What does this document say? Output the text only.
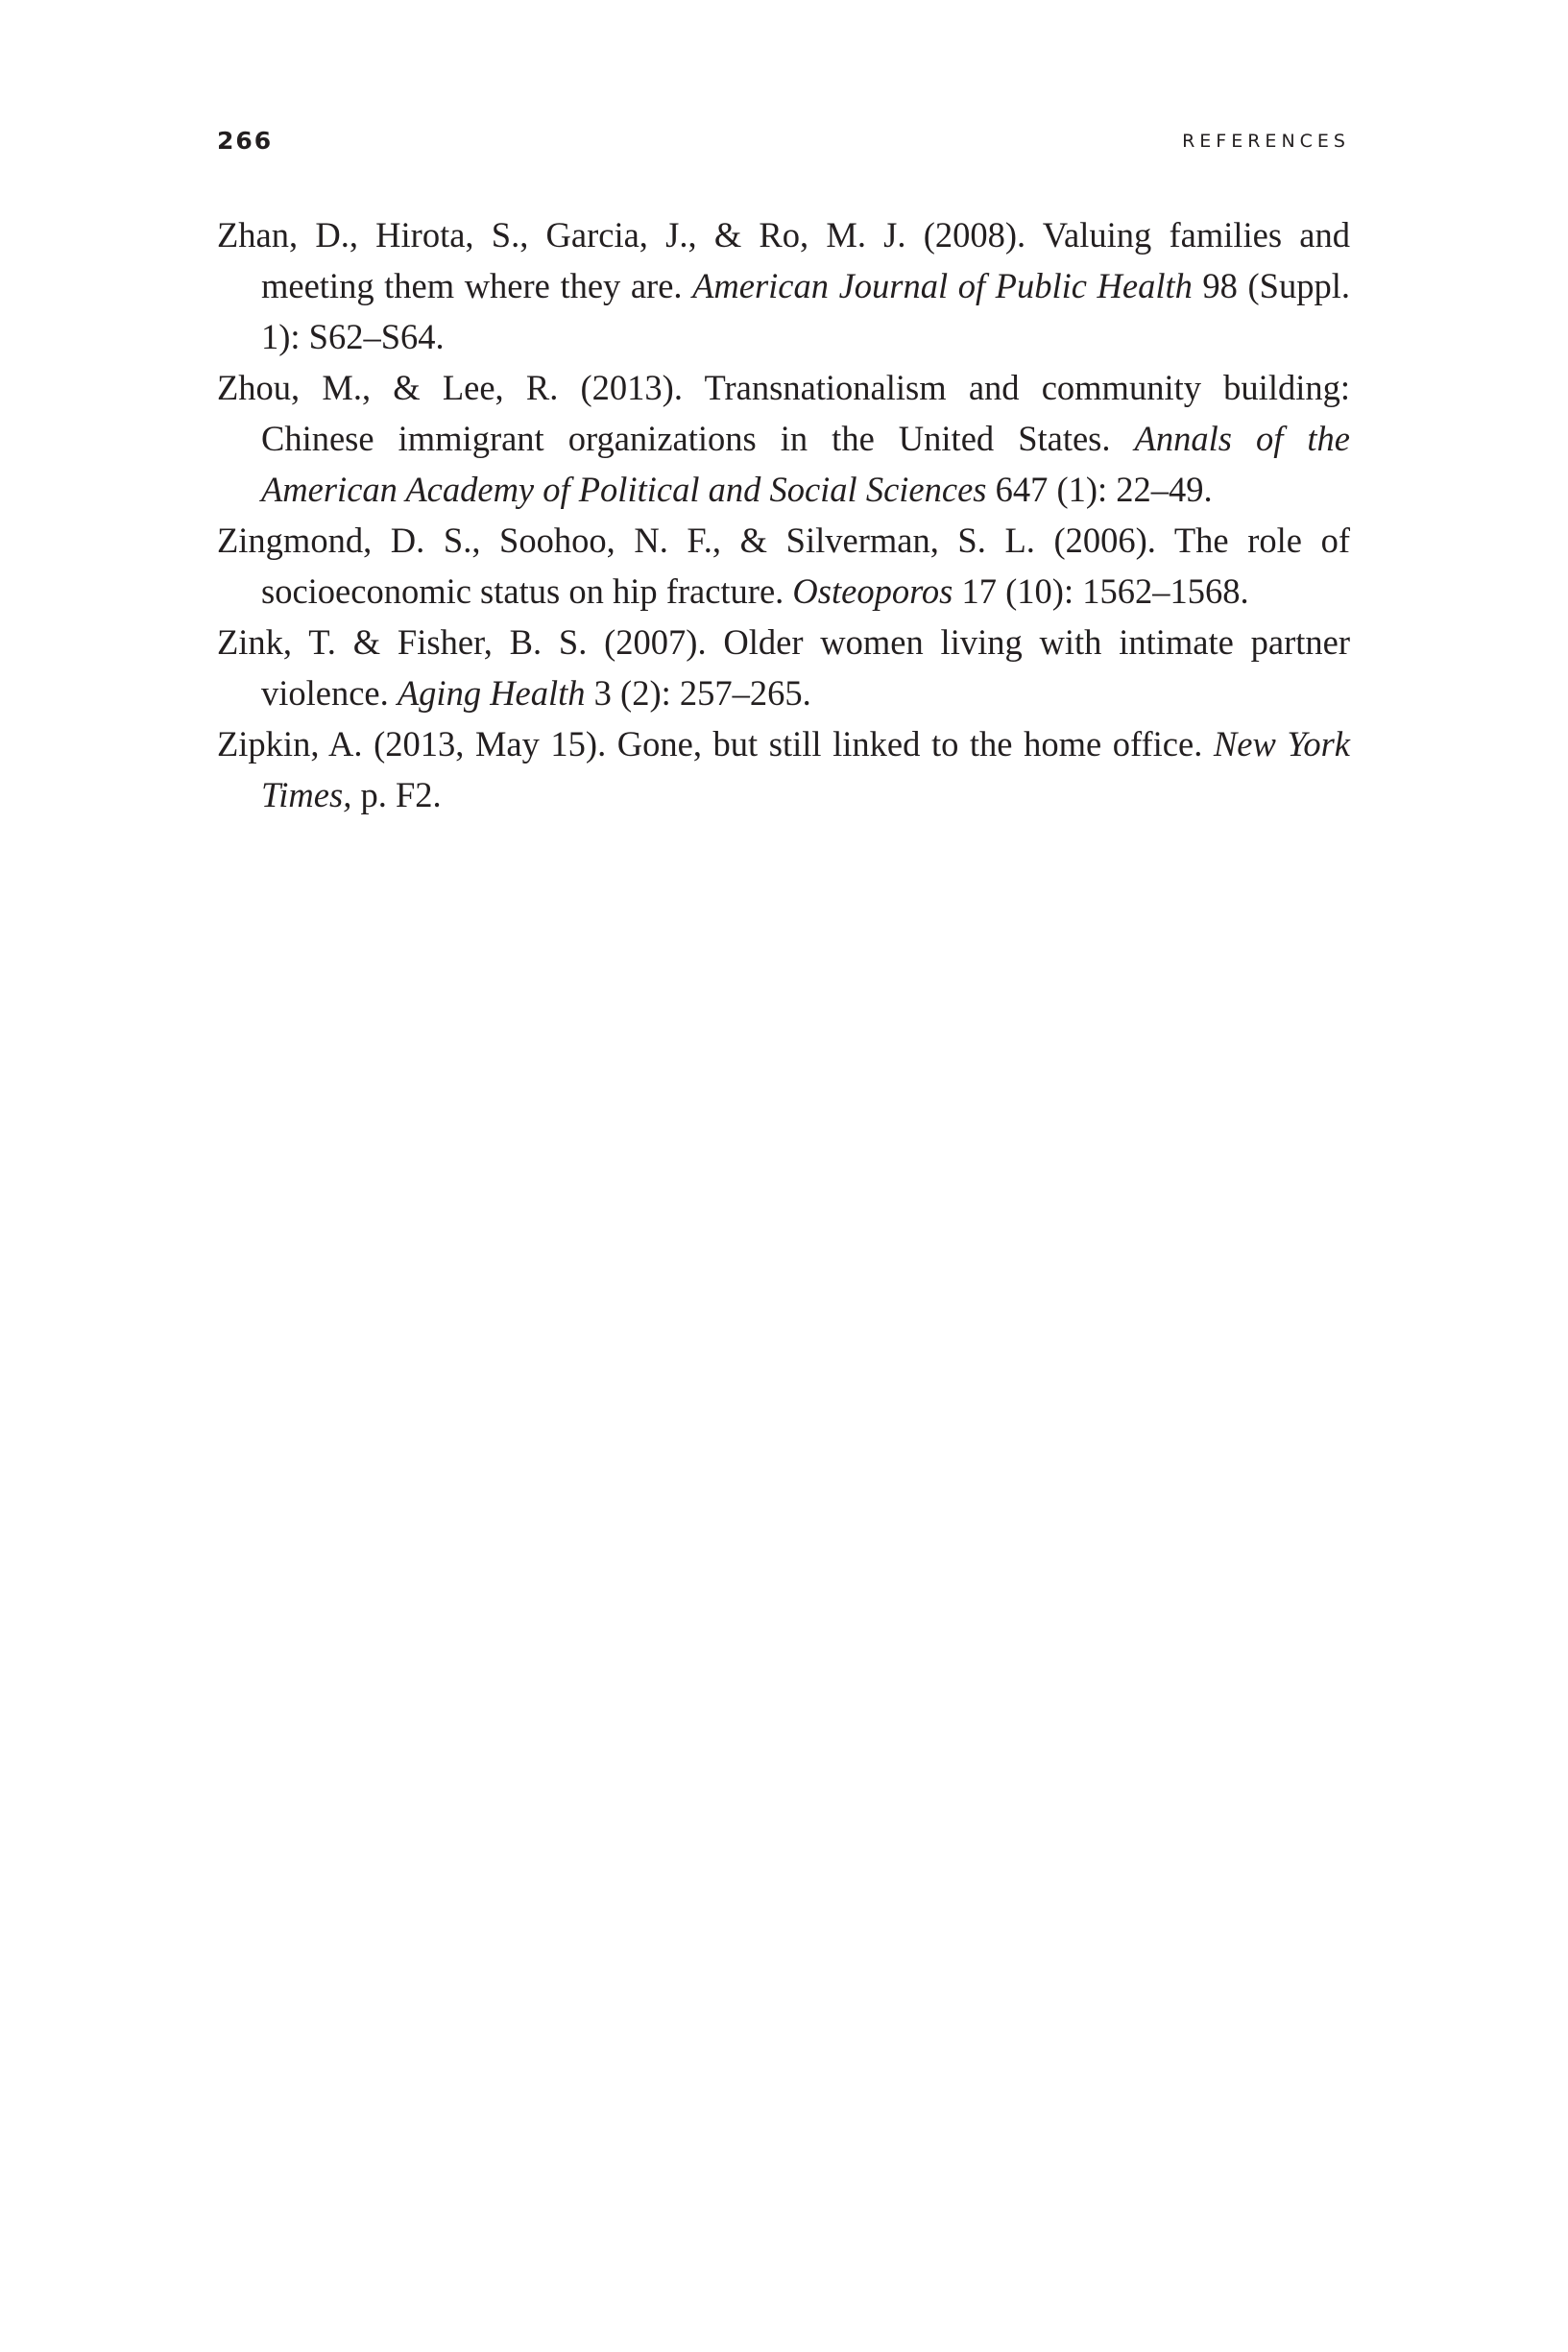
266	REFERENCES

Zhan, D., Hirota, S., Garcia, J., & Ro, M. J. (2008). Valuing families and meeting them where they are. American Journal of Public Health 98 (Suppl. 1): S62–S64.

Zhou, M., & Lee, R. (2013). Transnationalism and community building: Chinese immigrant organizations in the United States. Annals of the American Academy of Political and Social Sciences 647 (1): 22–49.

Zingmond, D. S., Soohoo, N. F., & Silverman, S. L. (2006). The role of socioeconomic status on hip fracture. Osteoporos 17 (10): 1562–1568.

Zink, T. & Fisher, B. S. (2007). Older women living with intimate partner violence. Aging Health 3 (2): 257–265.

Zipkin, A. (2013, May 15). Gone, but still linked to the home office. New York Times, p. F2.
